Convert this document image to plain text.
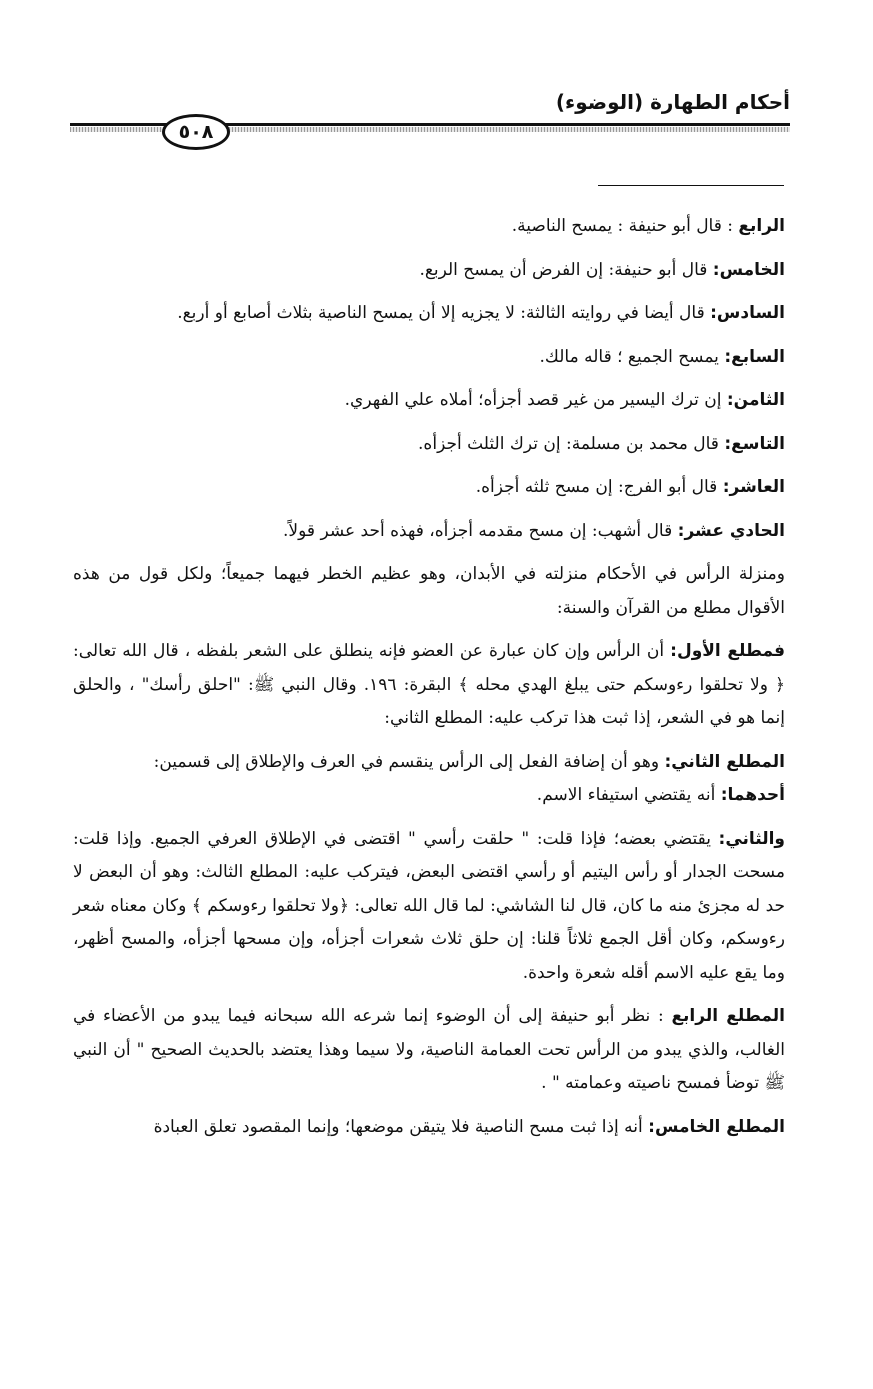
أحكام الطهارة (الوضوء)
٥٠٨

الرابع : قال أبو حنيفة : يمسح الناصية.

الخامس: قال أبو حنيفة: إن الفرض أن يمسح الربع.

السادس: قال أيضا في روايته الثالثة: لا يجزيه إلا أن يمسح الناصية بثلاث أصابع أو أربع.

السابع: يمسح الجميع ؛ قاله مالك.

الثامن: إن ترك اليسير من غير قصد أجزأه؛ أملاه علي الفهري.

التاسع: قال محمد بن مسلمة: إن ترك الثلث أجزأه.

العاشر: قال أبو الفرج: إن مسح ثلثه أجزأه.

الحادي عشر: قال أشهب: إن مسح مقدمه أجزأه، فهذه أحد عشر قولاً.

ومنزلة الرأس في الأحكام منزلته في الأبدان، وهو عظيم الخطر فيهما جميعاً؛ ولكل قول من هذه الأقوال مطلع من القرآن والسنة:

فمطلع الأول: أن الرأس وإن كان عبارة عن العضو فإنه ينطلق على الشعر بلفظه ، قال الله تعالى: ﴿ ولا تحلقوا رءوسكم حتى يبلغ الهدي محله ﴾ البقرة: ١٩٦. وقال النبي ﷺ: "احلق رأسك" ، والحلق إنما هو في الشعر، إذا ثبت هذا تركب عليه: المطلع الثاني:

المطلع الثاني: وهو أن إضافة الفعل إلى الرأس ينقسم في العرف والإطلاق إلى قسمين:

أحدهما: أنه يقتضي استيفاء الاسم.

والثاني: يقتضي بعضه؛ فإذا قلت: " حلقت رأسي " اقتضى في الإطلاق العرفي الجميع. وإذا قلت: مسحت الجدار أو رأس اليتيم أو رأسي اقتضى البعض، فيتركب عليه: المطلع الثالث: وهو أن البعض لا حد له مجزئ منه ما كان، قال لنا الشاشي: لما قال الله تعالى: ﴿ولا تحلقوا رءوسكم ﴾ وكان معناه شعر رءوسكم، وكان أقل الجمع ثلاثاً قلنا: إن حلق ثلاث شعرات أجزأه، وإن مسحها أجزأه، والمسح أظهر، وما يقع عليه الاسم أقله شعرة واحدة.

المطلع الرابع : نظر أبو حنيفة إلى أن الوضوء إنما شرعه الله سبحانه فيما يبدو من الأعضاء في الغالب، والذي يبدو من الرأس تحت العمامة الناصية، ولا سيما وهذا يعتضد بالحديث الصحيح " أن النبي ﷺ توضأ فمسح ناصيته وعمامته " .

المطلع الخامس: أنه إذا ثبت مسح الناصية فلا يتيقن موضعها؛ وإنما المقصود تعلق العبادة
